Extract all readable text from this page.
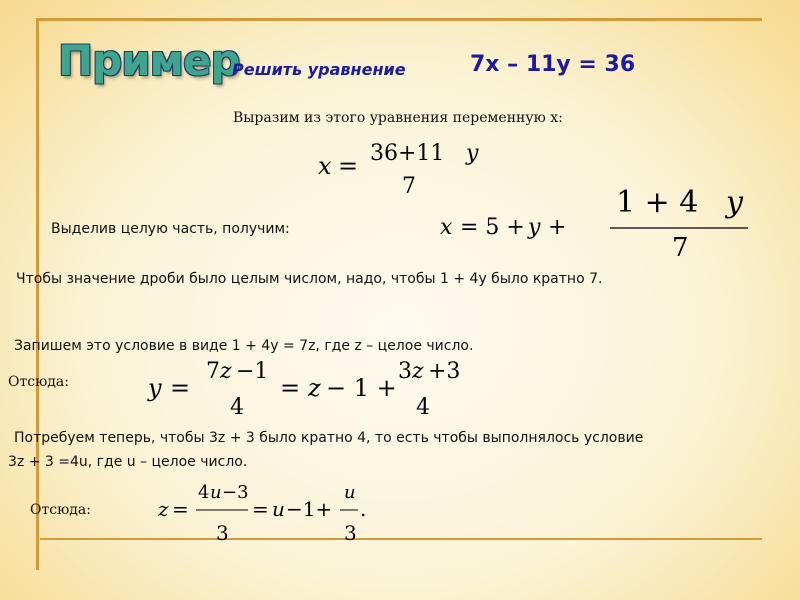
Пример
Решить уравнение	7x – 11y = 36
Выразим из этого уравнения переменную x:
x = 36+11 y
7
Выделив целую часть, получим:	x = 5 + y +
1 + 4 y
7
Чтобы значение дроби было целым числом, надо, чтобы 1 + 4y было кратно 7.
Запишем это условие в виде 1 + 4y = 7z, где z – целое число.
Отсюда:	y =
7 z −1
4
= z − 1 +
3 z +3
4
Потребуем теперь, чтобы 3z + 3 было кратно 4, то есть чтобы выполнялось условие
3z + 3 =4u, где u – целое число.
Отсюда:	z =
4 u −3
3
= u −1+
u
3
.
